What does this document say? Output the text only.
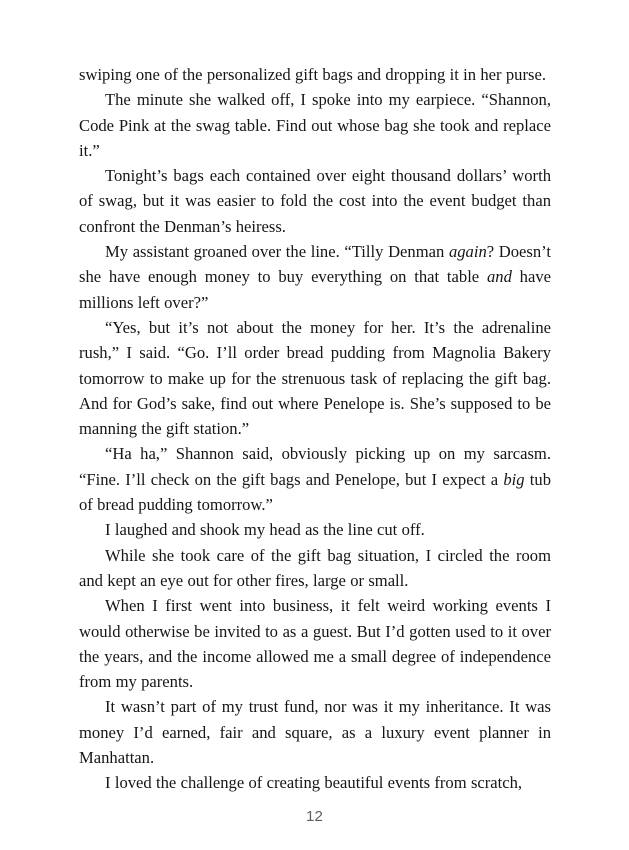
swiping one of the personalized gift bags and dropping it in her purse.

The minute she walked off, I spoke into my earpiece. “Shannon, Code Pink at the swag table. Find out whose bag she took and replace it.”

Tonight’s bags each contained over eight thousand dollars’ worth of swag, but it was easier to fold the cost into the event budget than confront the Denman’s heiress.

My assistant groaned over the line. “Tilly Denman again? Doesn’t she have enough money to buy everything on that table and have millions left over?”

“Yes, but it’s not about the money for her. It’s the adrenaline rush,” I said. “Go. I’ll order bread pudding from Magnolia Bakery tomorrow to make up for the strenuous task of replacing the gift bag. And for God’s sake, find out where Penelope is. She’s supposed to be manning the gift station.”

“Ha ha,” Shannon said, obviously picking up on my sarcasm. “Fine. I’ll check on the gift bags and Penelope, but I expect a big tub of bread pudding tomorrow.”

I laughed and shook my head as the line cut off.

While she took care of the gift bag situation, I circled the room and kept an eye out for other fires, large or small.

When I first went into business, it felt weird working events I would otherwise be invited to as a guest. But I’d gotten used to it over the years, and the income allowed me a small degree of independence from my parents.

It wasn’t part of my trust fund, nor was it my inheritance. It was money I’d earned, fair and square, as a luxury event planner in Manhattan.

I loved the challenge of creating beautiful events from scratch,

12
